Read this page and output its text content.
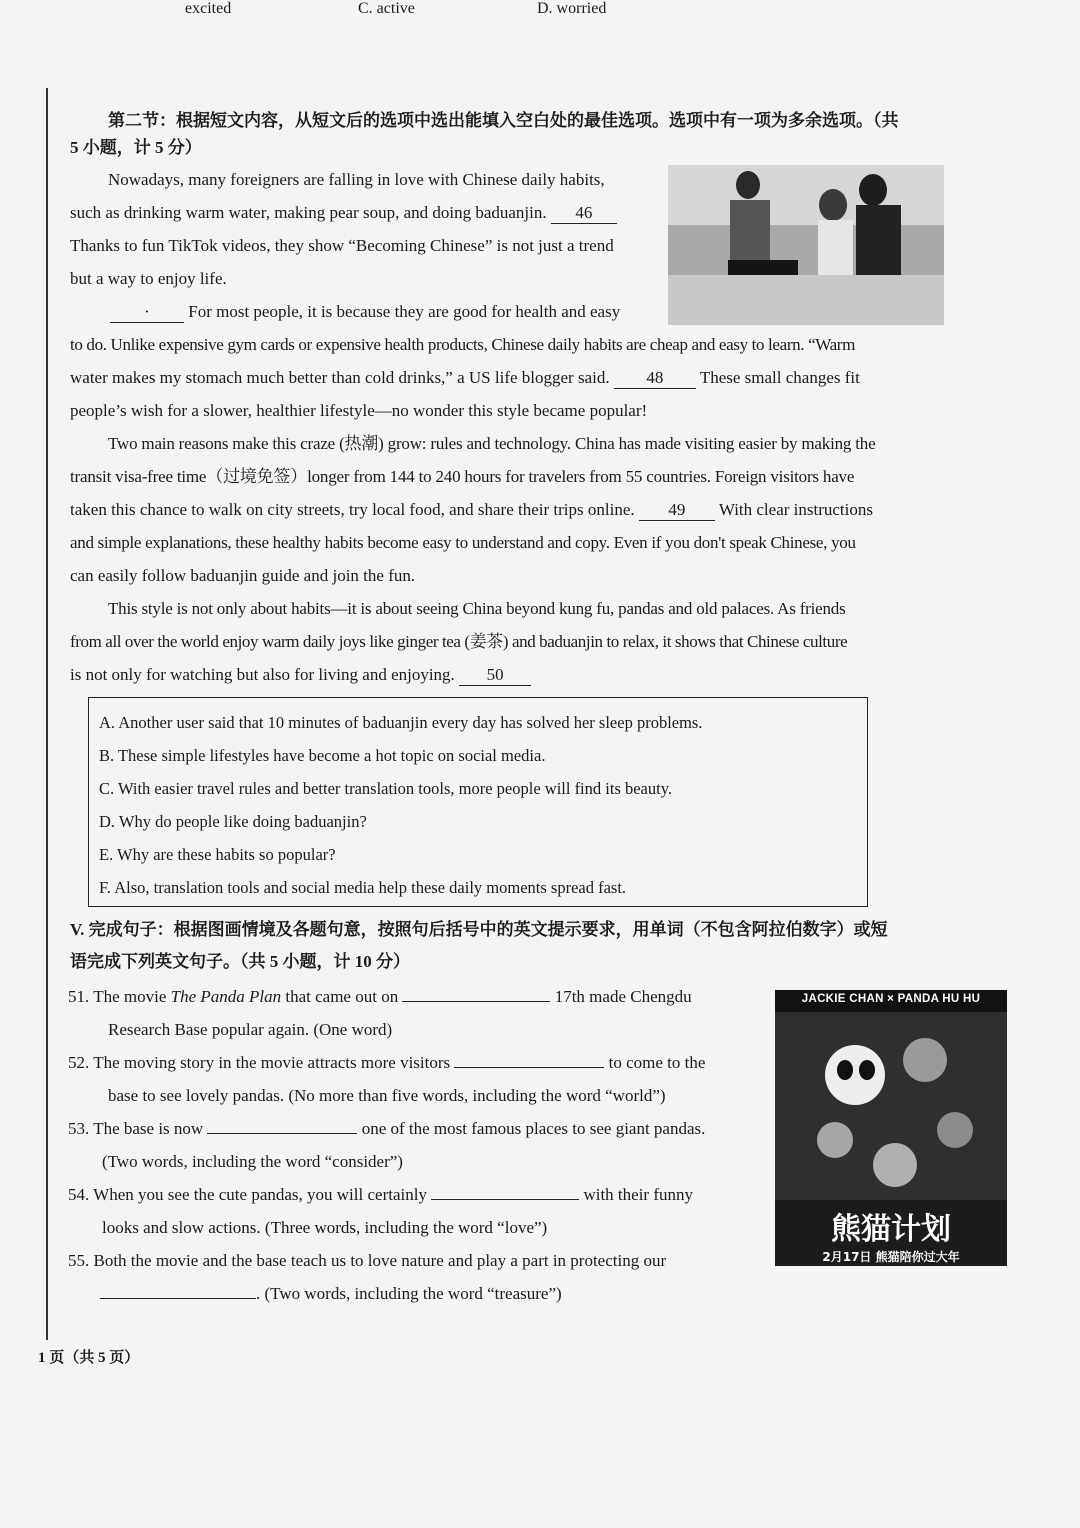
excited	C. active	D. worried
第二节：根据短文内容，从短文后的选项中选出能填入空白处的最佳选项。选项中有一项为多余选项。（共
5 小题，计 5 分）
Nowadays, many foreigners are falling in love with Chinese daily habits,
such as drinking warm water, making pear soup, and doing baduanjin. 46
Thanks to fun TikTok videos, they show “Becoming Chinese” is not just a trend
but a way to enjoy life.
· For most people, it is because they are good for health and easy
to do. Unlike expensive gym cards or expensive health products, Chinese daily habits are cheap and easy to learn. “Warm
water makes my stomach much better than cold drinks,” a US life blogger said. 48 These small changes fit
people’s wish for a slower, healthier lifestyle—no wonder this style became popular!
Two main reasons make this craze (热潮) grow: rules and technology. China has made visiting easier by making the
transit visa-free time（过境免签）longer from 144 to 240 hours for travelers from 55 countries. Foreign visitors have
taken this chance to walk on city streets, try local food, and share their trips online. 49 With clear instructions
and simple explanations, these healthy habits become easy to understand and copy. Even if you don't speak Chinese, you
can easily follow baduanjin guide and join the fun.
This style is not only about habits—it is about seeing China beyond kung fu, pandas and old palaces. As friends
from all over the world enjoy warm daily joys like ginger tea (姜茶) and baduanjin to relax, it shows that Chinese culture
is not only for watching but also for living and enjoying. 50
A. Another user said that 10 minutes of baduanjin every day has solved her sleep problems.
B. These simple lifestyles have become a hot topic on social media.
C. With easier travel rules and better translation tools, more people will find its beauty.
D. Why do people like doing baduanjin?
E. Why are these habits so popular?
F. Also, translation tools and social media help these daily moments spread fast.
V. 完成句子：根据图画情境及各题句意，按照句后括号中的英文提示要求，用单词（不包含阿拉伯数字）或短
语完成下列英文句子。（共 5 小题，计 10 分）
51. The movie The Panda Plan that came out on	17th made Chengdu
Research Base popular again. (One word)
52. The moving story in the movie attracts more visitors	to come to the
base to see lovely pandas. (No more than five words, including the word “world”)
53. The base is now	one of the most famous places to see giant pandas.
(Two words, including the word “consider”)
54. When you see the cute pandas, you will certainly	with their funny
looks and slow actions. (Three words, including the word “love”)
55. Both the movie and the base teach us to love nature and play a part in protecting our
. (Two words, including the word “treasure”)
JACKIE CHAN × PANDA HU HU
熊猫计划
2月17日 熊猫陪你过大年
1 页（共 5 页）
